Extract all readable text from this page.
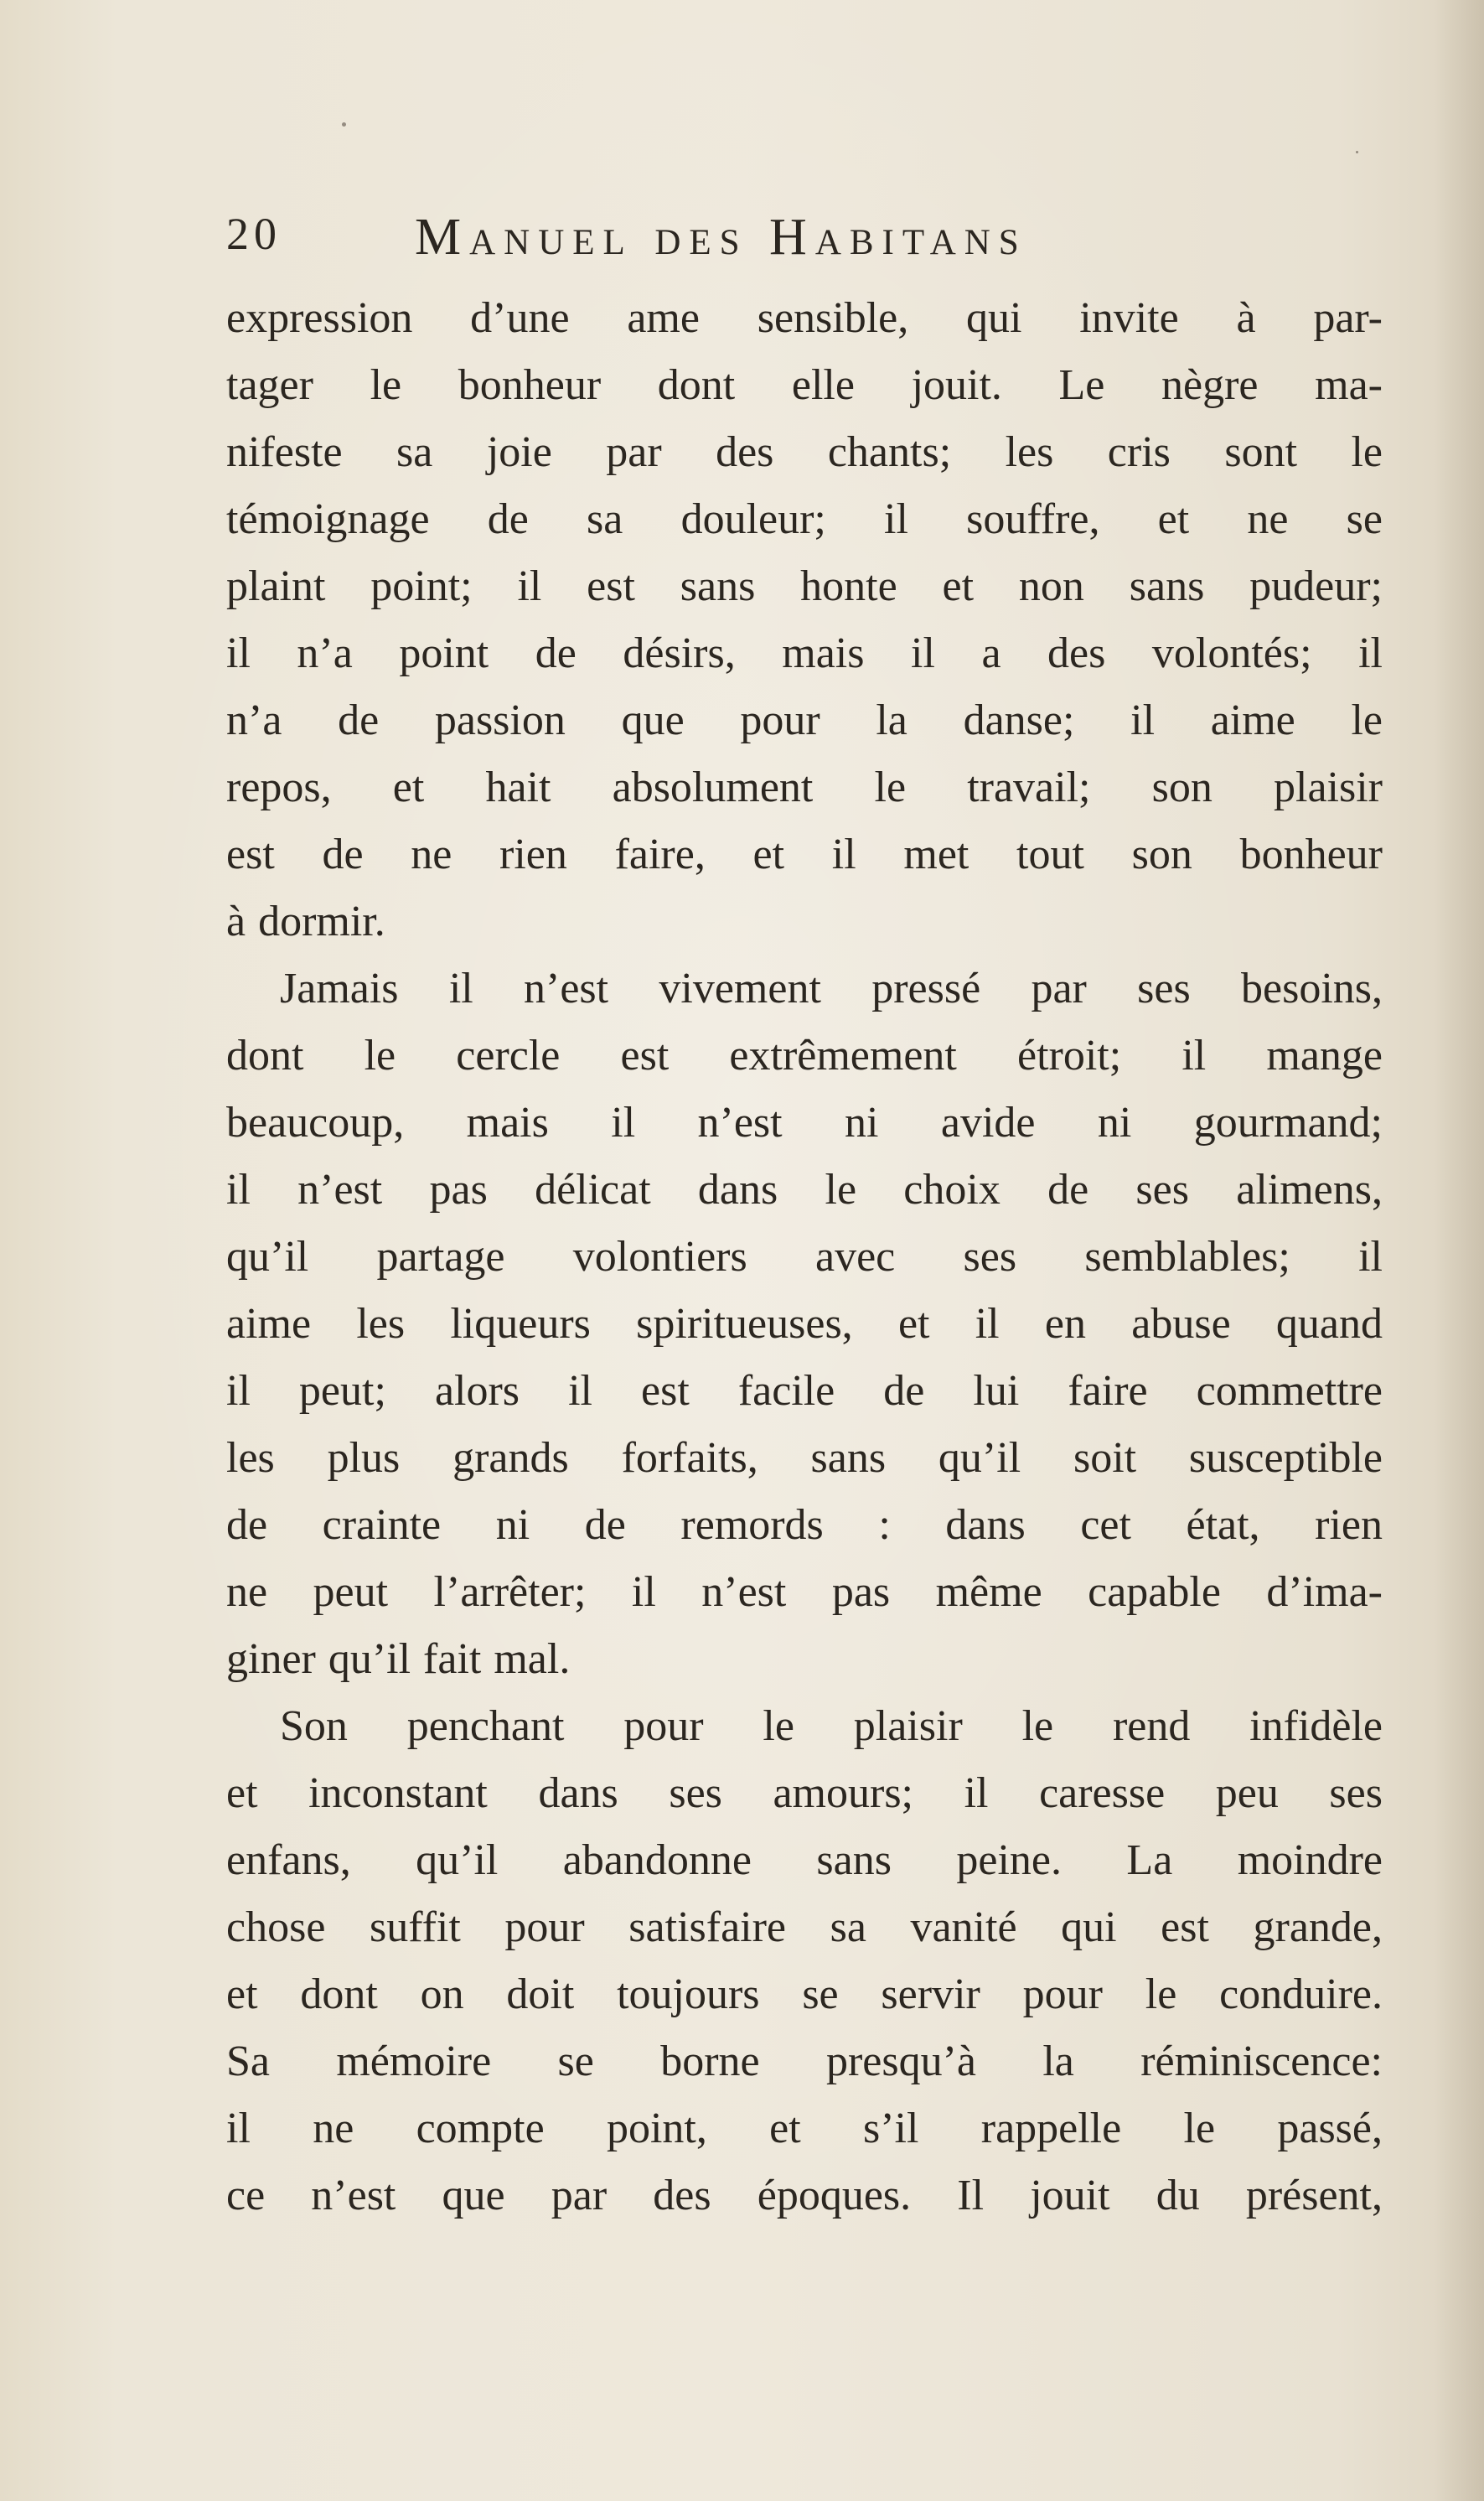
20	Manuel des Habitans
expression d’une ame sensible, qui invite à par-
tager le bonheur dont elle jouit. Le nègre ma-
nifeste sa joie par des chants; les cris sont le
témoignage de sa douleur; il souffre, et ne se
plaint point; il est sans honte et non sans pudeur;
il n’a point de désirs, mais il a des volontés; il
n’a de passion que pour la danse; il aime le
repos, et hait absolument le travail; son plaisir
est de ne rien faire, et il met tout son bonheur
à dormir.
Jamais il n’est vivement pressé par ses besoins,
dont le cercle est extrêmement étroit; il mange
beaucoup, mais il n’est ni avide ni gourmand;
il n’est pas délicat dans le choix de ses alimens,
qu’il partage volontiers avec ses semblables; il
aime les liqueurs spiritueuses, et il en abuse quand
il peut; alors il est facile de lui faire commettre
les plus grands forfaits, sans qu’il soit susceptible
de crainte ni de remords : dans cet état, rien
ne peut l’arrêter; il n’est pas même capable d’ima-
giner qu’il fait mal.
Son penchant pour le plaisir le rend infidèle
et inconstant dans ses amours; il caresse peu ses
enfans, qu’il abandonne sans peine. La moindre
chose suffit pour satisfaire sa vanité qui est grande,
et dont on doit toujours se servir pour le conduire.
Sa mémoire se borne presqu’à la réminiscence:
il ne compte point, et s’il rappelle le passé,
ce n’est que par des époques. Il jouit du présent,
